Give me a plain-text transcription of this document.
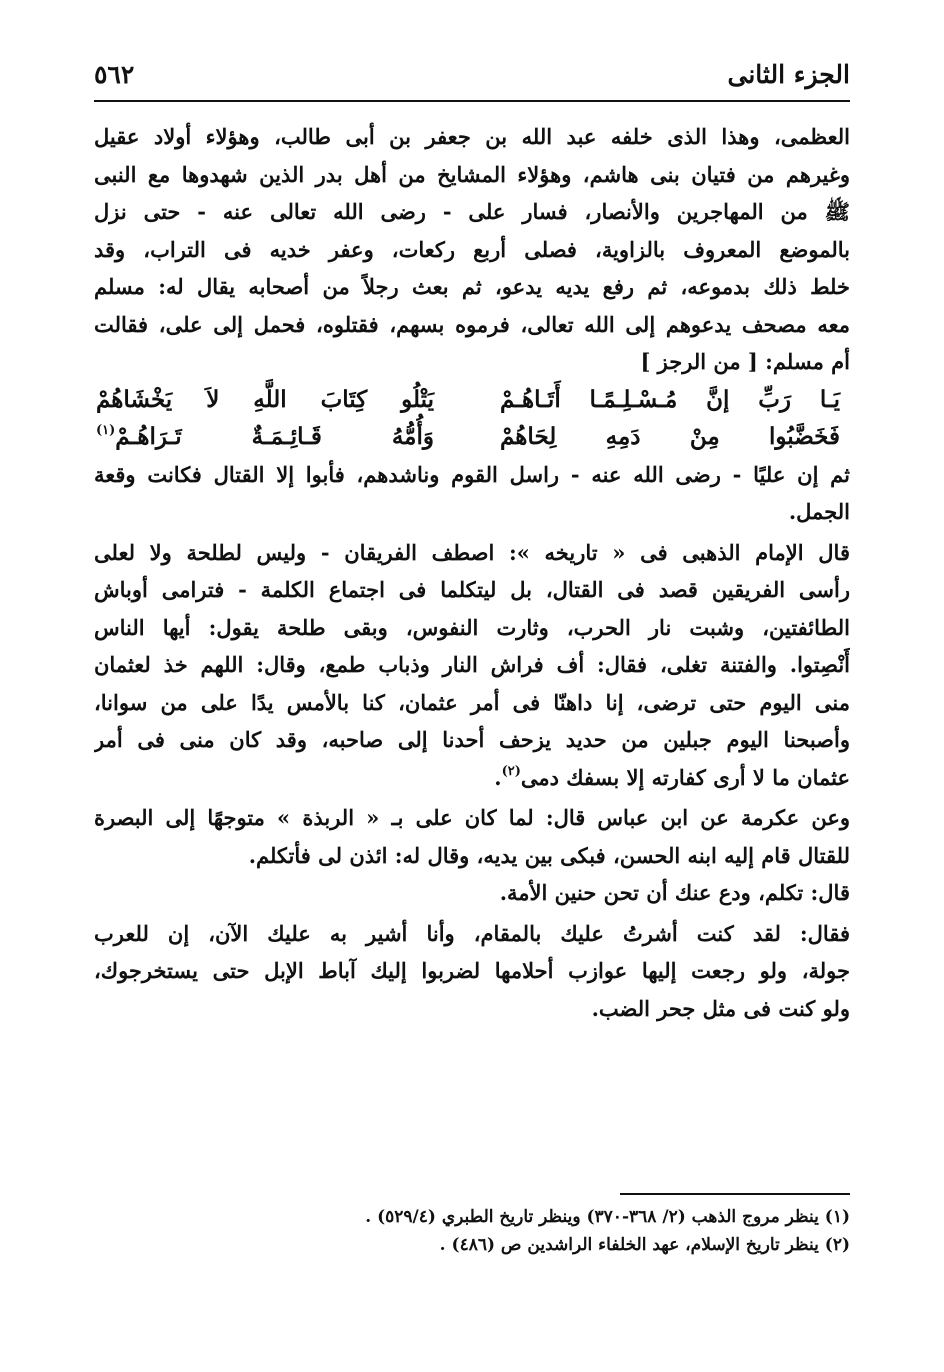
الجزء الثانى
٥٦٢
العظمى، وهذا الذى خلفه عبد الله بن جعفر بن أبى طالب، وهؤلاء أولاد عقيل
وغيرهم من فتيان بنى هاشم، وهؤلاء المشايخ من أهل بدر الذين شهدوها مع النبى
ﷺ من المهاجرين والأنصار، فسار على - رضى الله تعالى عنه - حتى نزل
بالموضع المعروف بالزاوية، فصلى أربع ركعات، وعفر خديه فى التراب، وقد
خلط ذلك بدموعه، ثم رفع يديه يدعو، ثم بعث رجلاً من أصحابه يقال له: مسلم
معه مصحف يدعوهم إلى الله تعالى، فرموه بسهم، فقتلوه، فحمل إلى على، فقالت
أم مسلم: [ من الرجز ]
يَـا رَبِّ إنَّ مُـسْـلِـمًـا أَتَـاهُـمْ
يَتْلُو كِتَابَ اللَّهِ لاَ يَخْشَاهُمْ
فَخَضَّبُوا مِنْ دَمِهِ لِحَاهُمْ
وَأُمُّهُ قَـائِـمَـةٌ تَـرَاهُـمْ$^{(١)}$
ثم إن عليًا - رضى الله عنه - راسل القوم وناشدهم، فأبوا إلا القتال فكانت وقعة
الجمل.
قال الإمام الذهبى فى « تاريخه »: اصطف الفريقان - وليس لطلحة ولا لعلى
رأسى الفريقين قصد فى القتال، بل ليتكلما فى اجتماع الكلمة - فترامى أوباش
الطائفتين، وشبت نار الحرب، وثارت النفوس، وبقى طلحة يقول: أيها الناس
أَنْصِتوا. والفتنة تغلى، فقال: أف فراش النار وذباب طمع، وقال: اللهم خذ لعثمان
منى اليوم حتى ترضى، إنا داهنّا فى أمر عثمان، كنا بالأمس يدًا على من سوانا،
وأصبحنا اليوم جبلين من حديد يزحف أحدنا إلى صاحبه، وقد كان منى فى أمر
عثمان ما لا أرى كفارته إلا بسفك دمى$^{(٢)}$.
وعن عكرمة عن ابن عباس قال: لما كان على بـ « الربذة » متوجهًا إلى البصرة
للقتال قام إليه ابنه الحسن، فبكى بين يديه، وقال له: ائذن لى فأتكلم.
قال: تكلم، ودع عنك أن تحن حنين الأمة.
فقال: لقد كنت أشرتُ عليك بالمقام، وأنا أشير به عليك الآن، إن للعرب
جولة، ولو رجعت إليها عوازب أحلامها لضربوا إليك آباط الإبل حتى يستخرجوك،
ولو كنت فى مثل جحر الضب.
(١) ينظر مروج الذهب (٢/ ٣٦٨-٣٧٠) وينظر تاريخ الطبري (٥٢٩/٤) .
(٢) ينظر تاريخ الإسلام، عهد الخلفاء الراشدين ص (٤٨٦) .
